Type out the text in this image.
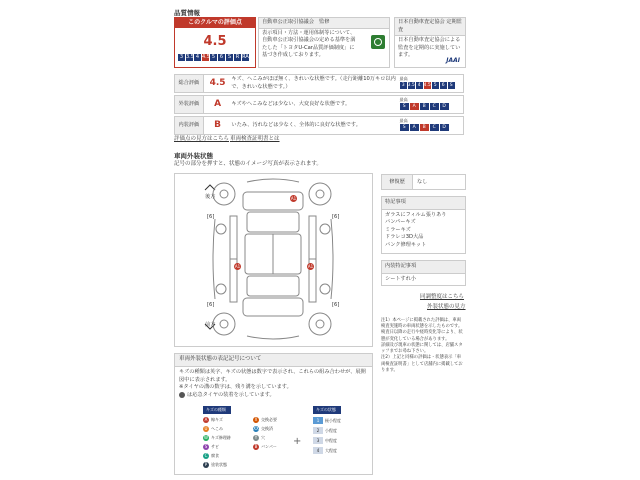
品質情報
このクルマの評価点
4.5
3 3.5 4 4.5 5 6 S R RA
自動車公正取引協議会　監修
表示項目・方法・運用体制等について、自動車公正取引協議会の定める基準を満たした「トヨタU-Car品質評価制度」に基づき作成しております。
日本自動車査定協会 定期監査
日本自動車査定協会による監査を定期的に実施しています。
JAAI
総合評価	4.5	キズ、へこみがほぼ無く、きれいな状態です。（走行距離10万キロ以内で、きれいな状態です。）
最高
3 3.5 4 4.5 5	6	S
外装評価	A	キズやへこみなどは少ない、大変良好な状態です。
最高
S	A	B	C	D
内装評価	B	いたみ、汚れなどは少なく、全体的に良好な状態です。
最高
S	A	B	C	D
評価点の見方はこちら 車両検査証明書とは
車両外装状態
記号の部分を押すと、状態のイメージ写真が表示されます。
後方
前方
[6]	[6]
[6]	[6]
A1
A1	A1
車両外装状態の表記記号について
キズの種類は英字、キズの状態は数字で表示され、これらの組み合わせが、展開図中に表示されます。
※タイヤの溝の数字は、残り溝を示しています。
は応急タイヤの装着を示しています。
キズの種類
A 線キズ
U へこみ
W キズ修理跡
S サビ
C 腐食
P 塗装状態
X 交換必要
XX 交換済
Y 穴
B バンパー +
キズの状態
1	極小程度
2	小程度
3	中程度
4	大程度
修復歴	なし
特記事項
ガラスにフィルム張りあり
バンパーキズ
ミラーキズ
ドラレコ3D大品
バンク修理キット
内装特記事項
シートすれ小
同調整度はこちら
外装状態の見方
注1）本ページに掲載された評価は、車両検査実施時の車両状態を示したものです。検査日以降の走行や経時変化等により、状態が変化している場合があります。
詳細及び現車の状態に関しては、店舗スタッフまでお尋ね下さい。
注2）上記と同様の評価は・状態表示「車両検査証明書」として店舗内に掲載しております。
